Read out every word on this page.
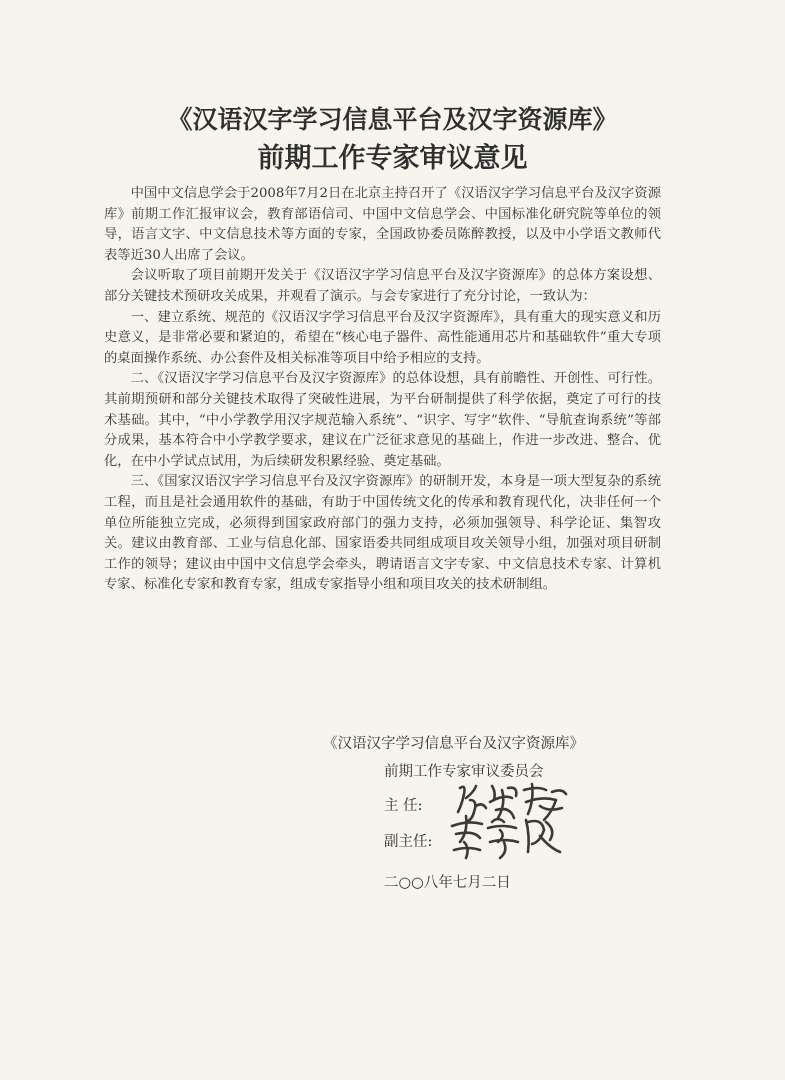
《汉语汉字学习信息平台及汉字资源库》
前期工作专家审议意见

中国中文信息学会于2008年7月2日在北京主持召开了《汉语汉字学习信息平台及汉字资源库》前期工作汇报审议会，教育部语信司、中国中文信息学会、中国标准化研究院等单位的领导，语言文字、中文信息技术等方面的专家，全国政协委员陈醉教授，以及中小学语文教师代表等近30人出席了会议。

会议听取了项目前期开发关于《汉语汉字学习信息平台及汉字资源库》的总体方案设想、部分关键技术预研攻关成果，并观看了演示。与会专家进行了充分讨论，一致认为：

一、建立系统、规范的《汉语汉字学习信息平台及汉字资源库》，具有重大的现实意义和历史意义，是非常必要和紧迫的，希望在“核心电子器件、高性能通用芯片和基础软件”重大专项的桌面操作系统、办公套件及相关标准等项目中给予相应的支持。

二、《汉语汉字学习信息平台及汉字资源库》的总体设想，具有前瞻性、开创性、可行性。其前期预研和部分关键技术取得了突破性进展，为平台研制提供了科学依据，奠定了可行的技术基础。其中，“中小学教学用汉字规范输入系统”、“识字、写字”软件、“导航查询系统”等部分成果，基本符合中小学教学要求，建议在广泛征求意见的基础上，作进一步改进、整合、优化，在中小学试点试用，为后续研发积累经验、奠定基础。

三、《国家汉语汉字学习信息平台及汉字资源库》的研制开发，本身是一项大型复杂的系统工程，而且是社会通用软件的基础，有助于中国传统文化的传承和教育现代化，决非任何一个单位所能独立完成，必须得到国家政府部门的强力支持，必须加强领导、科学论证、集智攻关。建议由教育部、工业与信息化部、国家语委共同组成项目攻关领导小组，加强对项目研制工作的领导；建议由中国中文信息学会牵头，聘请语言文字专家、中文信息技术专家、计算机专家、标准化专家和教育专家，组成专家指导小组和项目攻关的技术研制组。

《汉语汉字学习信息平台及汉字资源库》
前期工作专家审议委员会
主 任:
副主任:
二○○八年七月二日
